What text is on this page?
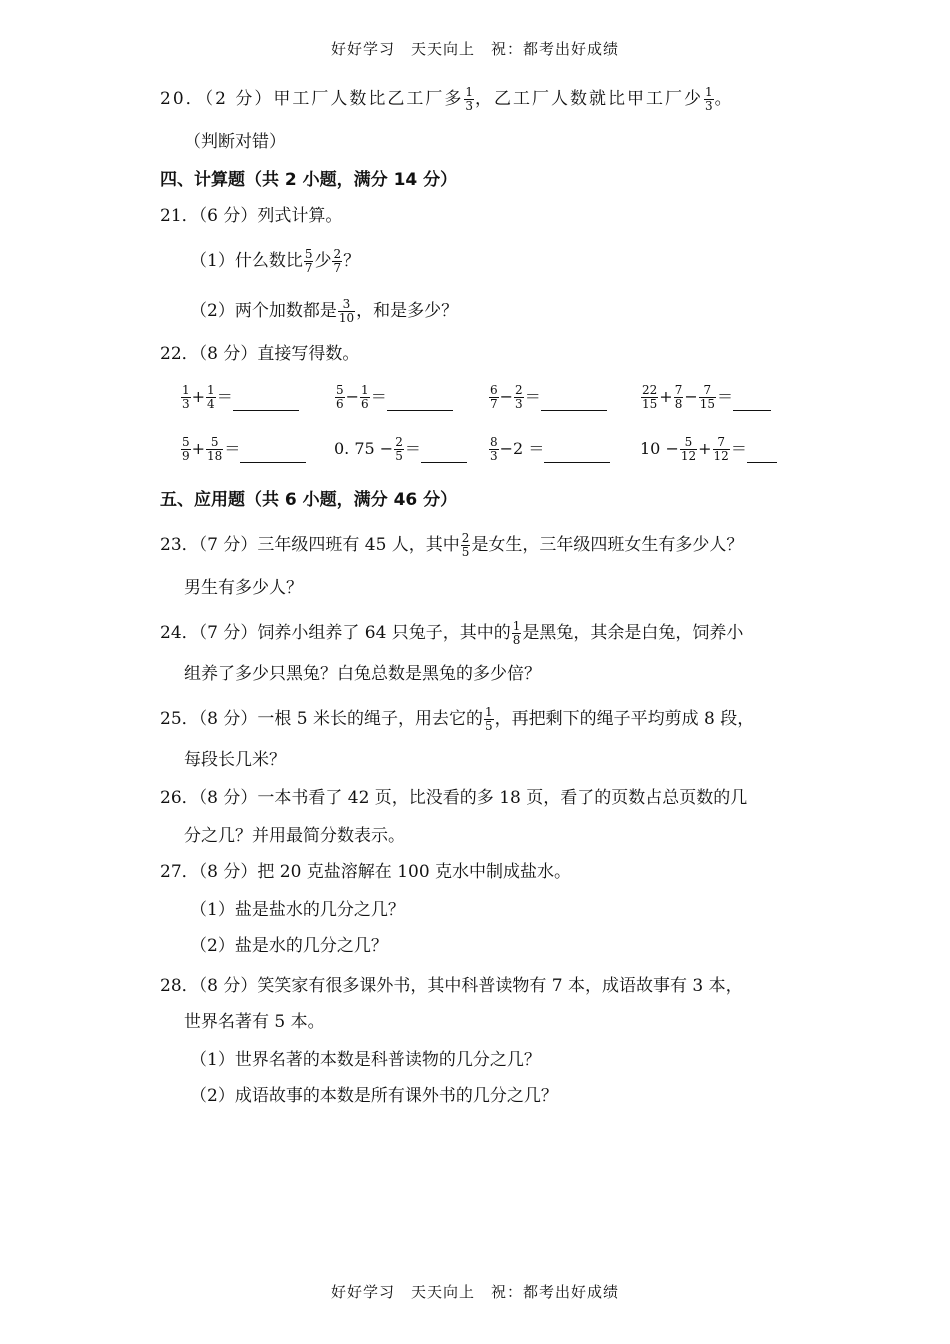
好好学习　天天向上　祝：都考出好成绩
20．（2 分）甲工厂人数比乙工厂多 $\frac{1}{3}$ ，乙工厂人数就比甲工厂少 $\frac{1}{3}$ 。
（判断对错）
四、计算题（共 2 小题，满分 14 分）
21．（6 分）列式计算。
（1）什么数比 $\frac{5}{7}$ 少 $\frac{2}{7}$ ？
（2）两个加数都是 $\frac{3}{10}$ ，和是多少？
22．（8 分）直接写得数。
$\frac{1}{3} + \frac{1}{4}$ ＝	$\frac{5}{6} - \frac{1}{6}$ ＝	$\frac{6}{7} - \frac{2}{3}$ ＝	$\frac{22}{15} + \frac{7}{8} - \frac{7}{15}$ ＝
$\frac{5}{9} + \frac{5}{18}$ ＝	0. $75 - \frac{2}{5}$ ＝	$\frac{8}{3} -2$ ＝	$10 - \frac{5}{12} + \frac{7}{12}$ ＝
五、应用题（共 6 小题，满分 46 分）
23．（7 分）三年级四班有 45 人，其中 $\frac{2}{5}$ 是女生，三年级四班女生有多少人？
男生有多少人？
24．（7 分）饲养小组养了 64 只兔子，其中的 $\frac{1}{8}$ 是黑兔，其余是白兔，饲养小
组养了多少只黑兔？白兔总数是黑兔的多少倍？
25．（8 分）一根 5 米长的绳子，用去它的 $\frac{1}{5}$ ，再把剩下的绳子平均剪成 8 段，
每段长几米？
26．（8 分）一本书看了 42 页，比没看的多 18 页，看了的页数占总页数的几
分之几？并用最简分数表示。
27．（8 分）把 20 克盐溶解在 100 克水中制成盐水。
（1）盐是盐水的几分之几？
（2）盐是水的几分之几？
28．（8 分）笑笑家有很多课外书，其中科普读物有 7 本，成语故事有 3 本，
世界名著有 5 本。
（1）世界名著的本数是科普读物的几分之几？
（2）成语故事的本数是所有课外书的几分之几？
好好学习　天天向上　祝：都考出好成绩
